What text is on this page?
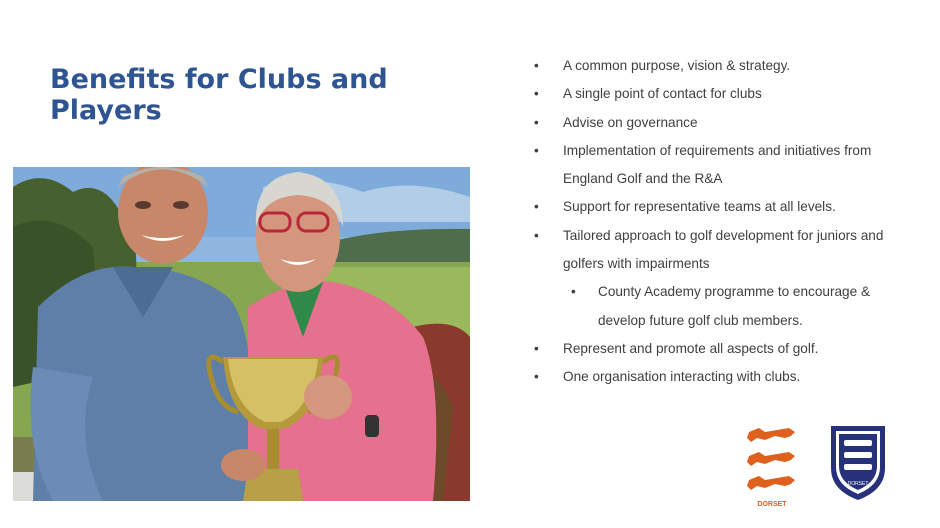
Benefits for Clubs and Players
• A common purpose, vision & strategy.
• A single point of contact for clubs
• Advise on governance
• Implementation of requirements and initiatives from England Golf and the R&A
• Support for representative teams at all levels.
• Tailored approach to golf development for juniors and golfers with impairments
• County Academy programme to encourage & develop future golf club members.
• Represent and promote all aspects of golf.
• One organisation interacting with clubs.
DORSET
DORSET
